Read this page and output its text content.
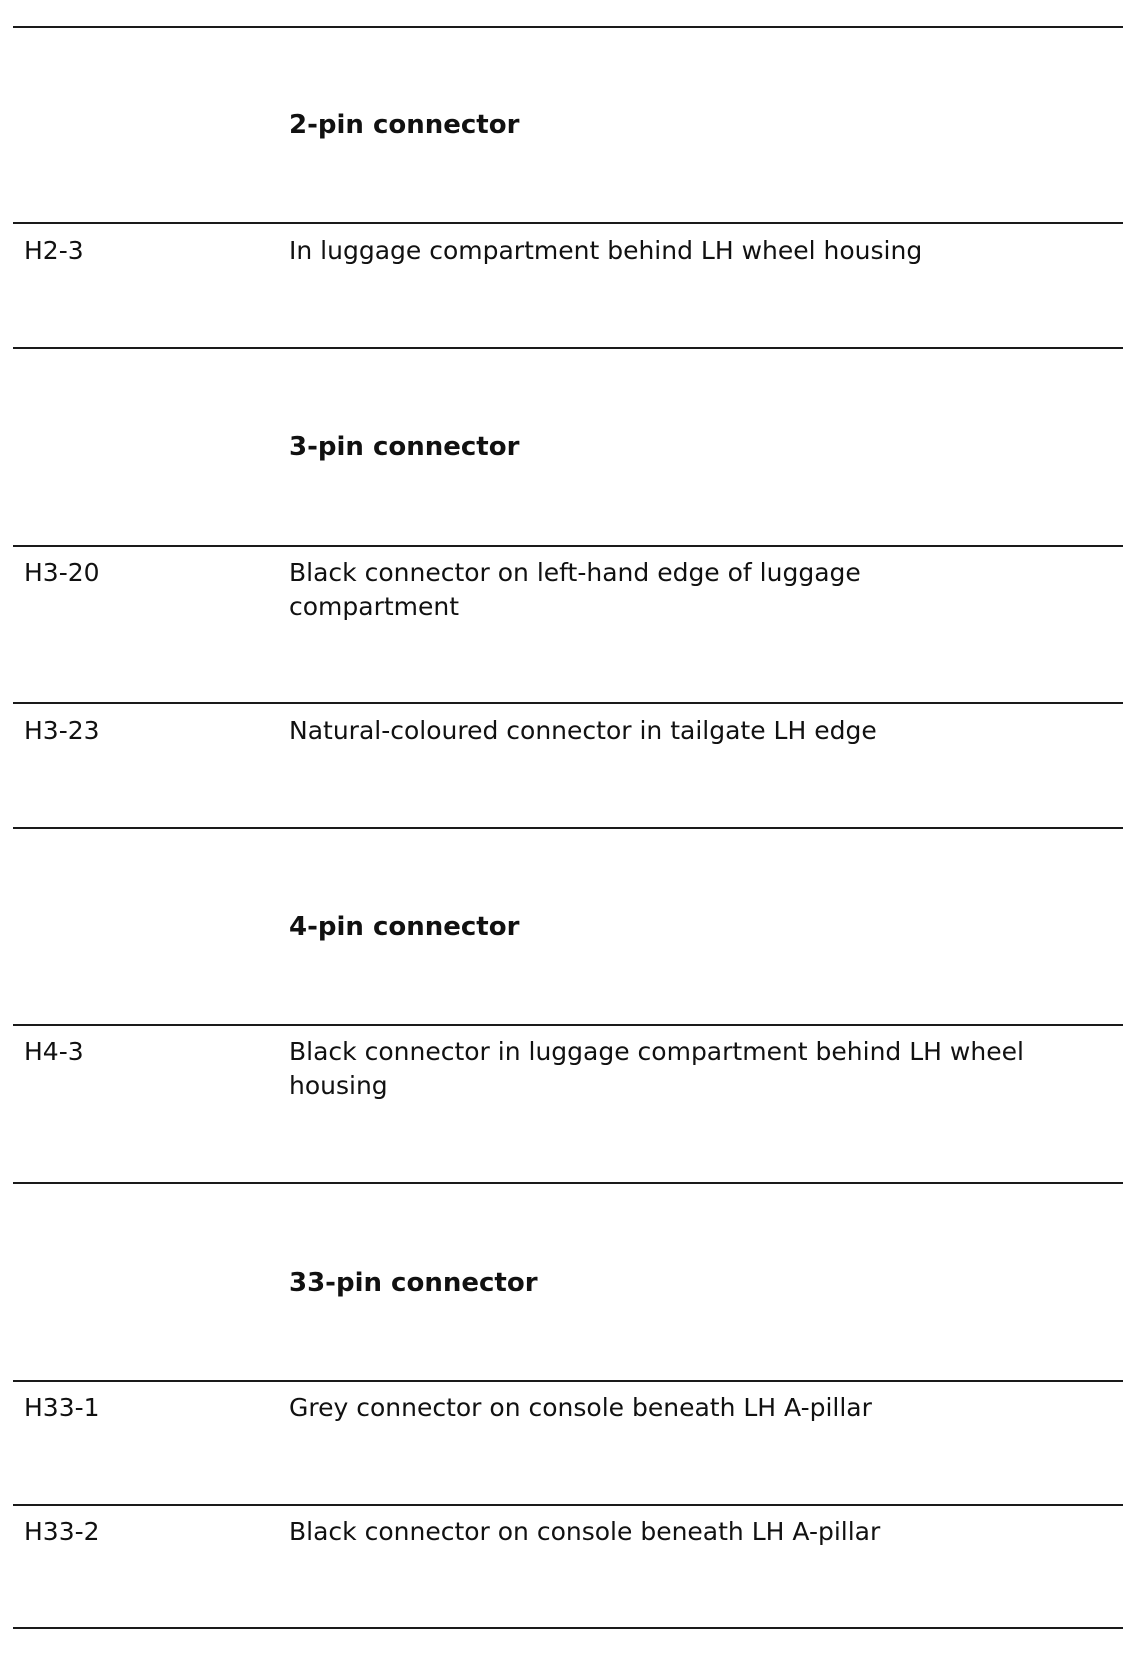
2-pin connector
H2-3	In luggage compartment behind LH wheel housing
3-pin connector
H3-20	Black connector on left-hand edge of luggage compartment
H3-23	Natural-coloured connector in tailgate LH edge
4-pin connector
H4-3	Black connector in luggage compartment behind LH wheel housing
33-pin connector
H33-1	Grey connector on console beneath LH A-pillar
H33-2	Black connector on console beneath LH A-pillar
